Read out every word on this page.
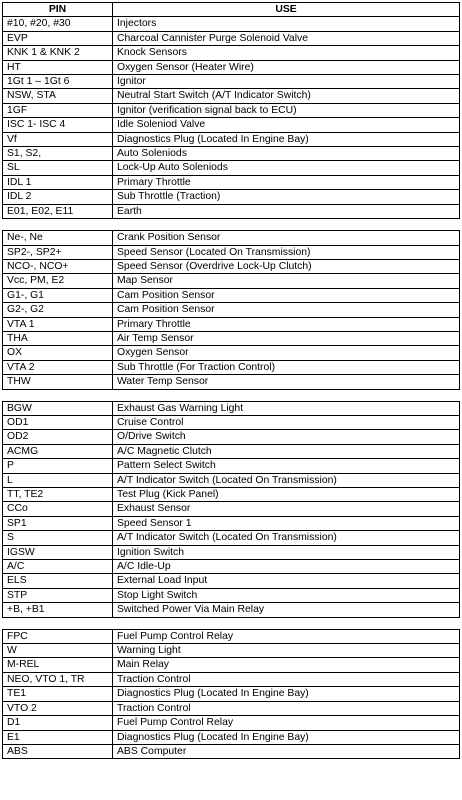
PIN	USE
#10, #20, #30	Injectors
EVP	Charcoal Cannister Purge Solenoid Valve
KNK 1 & KNK 2	Knock Sensors
HT	Oxygen Sensor (Heater Wire)
1Gt 1 – 1Gt 6	Ignitor
NSW, STA	Neutral Start Switch (A/T Indicator Switch)
1GF	Ignitor (verification signal back to ECU)
ISC 1- ISC 4	Idle Soleniod Valve
Vf	Diagnostics Plug (Located In Engine Bay)
S1, S2,	Auto Soleniods
SL	Lock-Up Auto Soleniods
IDL 1	Primary Throttle
IDL 2	Sub Throttle (Traction)
E01, E02, E11	Earth

Ne-, Ne	Crank Position Sensor
SP2-, SP2+	Speed Sensor (Located On Transmission)
NCO-, NCO+	Speed Sensor (Overdrive Lock-Up Clutch)
Vcc, PM, E2	Map Sensor
G1-, G1	Cam Position Sensor
G2-, G2	Cam Position Sensor
VTA 1	Primary Throttle
THA	Air Temp Sensor
OX	Oxygen Sensor
VTA 2	Sub Throttle (For Traction Control)
THW	Water Temp Sensor

BGW	Exhaust Gas Warning Light
OD1	Cruise Control
OD2	O/Drive Switch
ACMG	A/C Magnetic Clutch
P	Pattern Select Switch
L	A/T Indicator Switch (Located On Transmission)
TT, TE2	Test Plug (Kick Panel)
CCo	Exhaust Sensor
SP1	Speed Sensor 1
S	A/T Indicator Switch (Located On Transmission)
IGSW	Ignition Switch
A/C	A/C Idle-Up
ELS	External Load Input
STP	Stop Light Switch
+B, +B1	Switched Power Via Main Relay

FPC	Fuel Pump Control Relay
W	Warning Light
M-REL	Main Relay
NEO, VTO 1, TR	Traction Control
TE1	Diagnostics Plug (Located In Engine Bay)
VTO 2	Traction Control
D1	Fuel Pump Control Relay
E1	Diagnostics Plug (Located In Engine Bay)
ABS	ABS Computer
